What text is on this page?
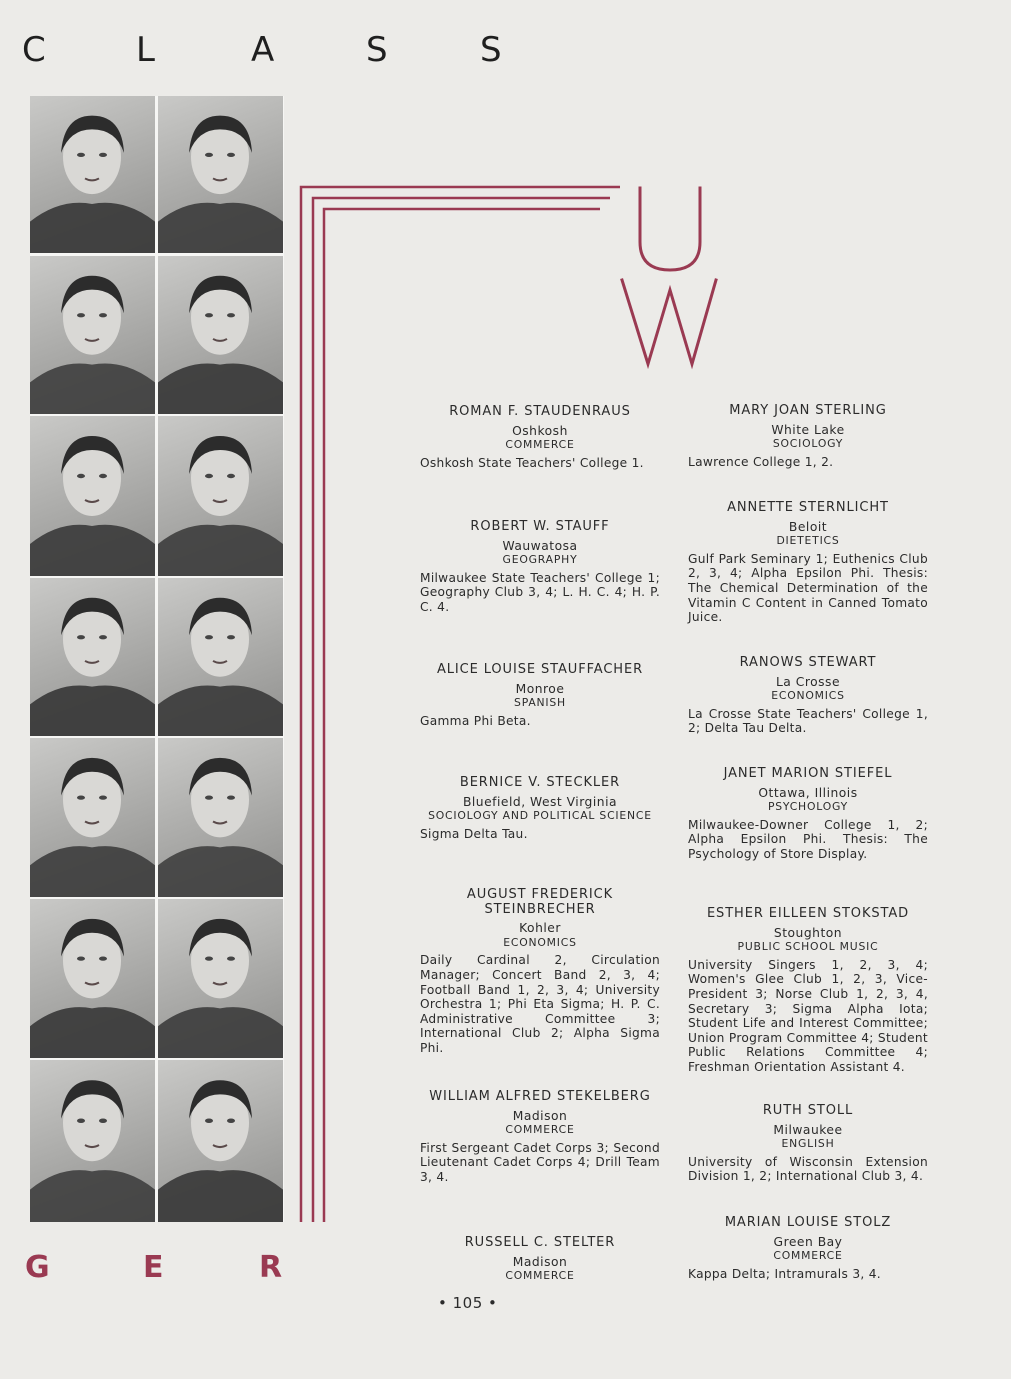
C	L	A	S	S
ROMAN F. STAUDENRAUS
Oshkosh
COMMERCE
Oshkosh State Teachers' College 1.
ROBERT W. STAUFF
Wauwatosa
GEOGRAPHY
Milwaukee State Teachers' College 1; Geography Club 3, 4; L. H. C. 4; H. P. C. 4.
ALICE LOUISE STAUFFACHER
Monroe
SPANISH
Gamma Phi Beta.
BERNICE V. STECKLER
Bluefield, West Virginia
SOCIOLOGY AND POLITICAL SCIENCE
Sigma Delta Tau.
AUGUST FREDERICK STEINBRECHER
Kohler
ECONOMICS
Daily Cardinal 2, Circulation Manager; Concert Band 2, 3, 4; Football Band 1, 2, 3, 4; University Orchestra 1; Phi Eta Sigma; H. P. C. Administrative Committee 3; International Club 2; Alpha Sigma Phi.
WILLIAM ALFRED STEKELBERG
Madison
COMMERCE
First Sergeant Cadet Corps 3; Second Lieutenant Cadet Corps 4; Drill Team 3, 4.
RUSSELL C. STELTER
Madison
COMMERCE
MARY JOAN STERLING
White Lake
SOCIOLOGY
Lawrence College 1, 2.
ANNETTE STERNLICHT
Beloit
DIETETICS
Gulf Park Seminary 1; Euthenics Club 2, 3, 4; Alpha Epsilon Phi. Thesis: The Chemical Determination of the Vitamin C Content in Canned Tomato Juice.
RANOWS STEWART
La Crosse
ECONOMICS
La Crosse State Teachers' College 1, 2; Delta Tau Delta.
JANET MARION STIEFEL
Ottawa, Illinois
PSYCHOLOGY
Milwaukee-Downer College 1, 2; Alpha Epsilon Phi. Thesis: The Psychology of Store Display.
ESTHER EILLEEN STOKSTAD
Stoughton
PUBLIC SCHOOL MUSIC
University Singers 1, 2, 3, 4; Women's Glee Club 1, 2, 3, Vice-President 3; Norse Club 1, 2, 3, 4, Secretary 3; Sigma Alpha Iota; Student Life and Interest Committee; Union Program Committee 4; Student Public Relations Committee 4; Freshman Orientation Assistant 4.
RUTH STOLL
Milwaukee
ENGLISH
University of Wisconsin Extension Division 1, 2; International Club 3, 4.
MARIAN LOUISE STOLZ
Green Bay
COMMERCE
Kappa Delta; Intramurals 3, 4.
G	E	R
• 105 •
